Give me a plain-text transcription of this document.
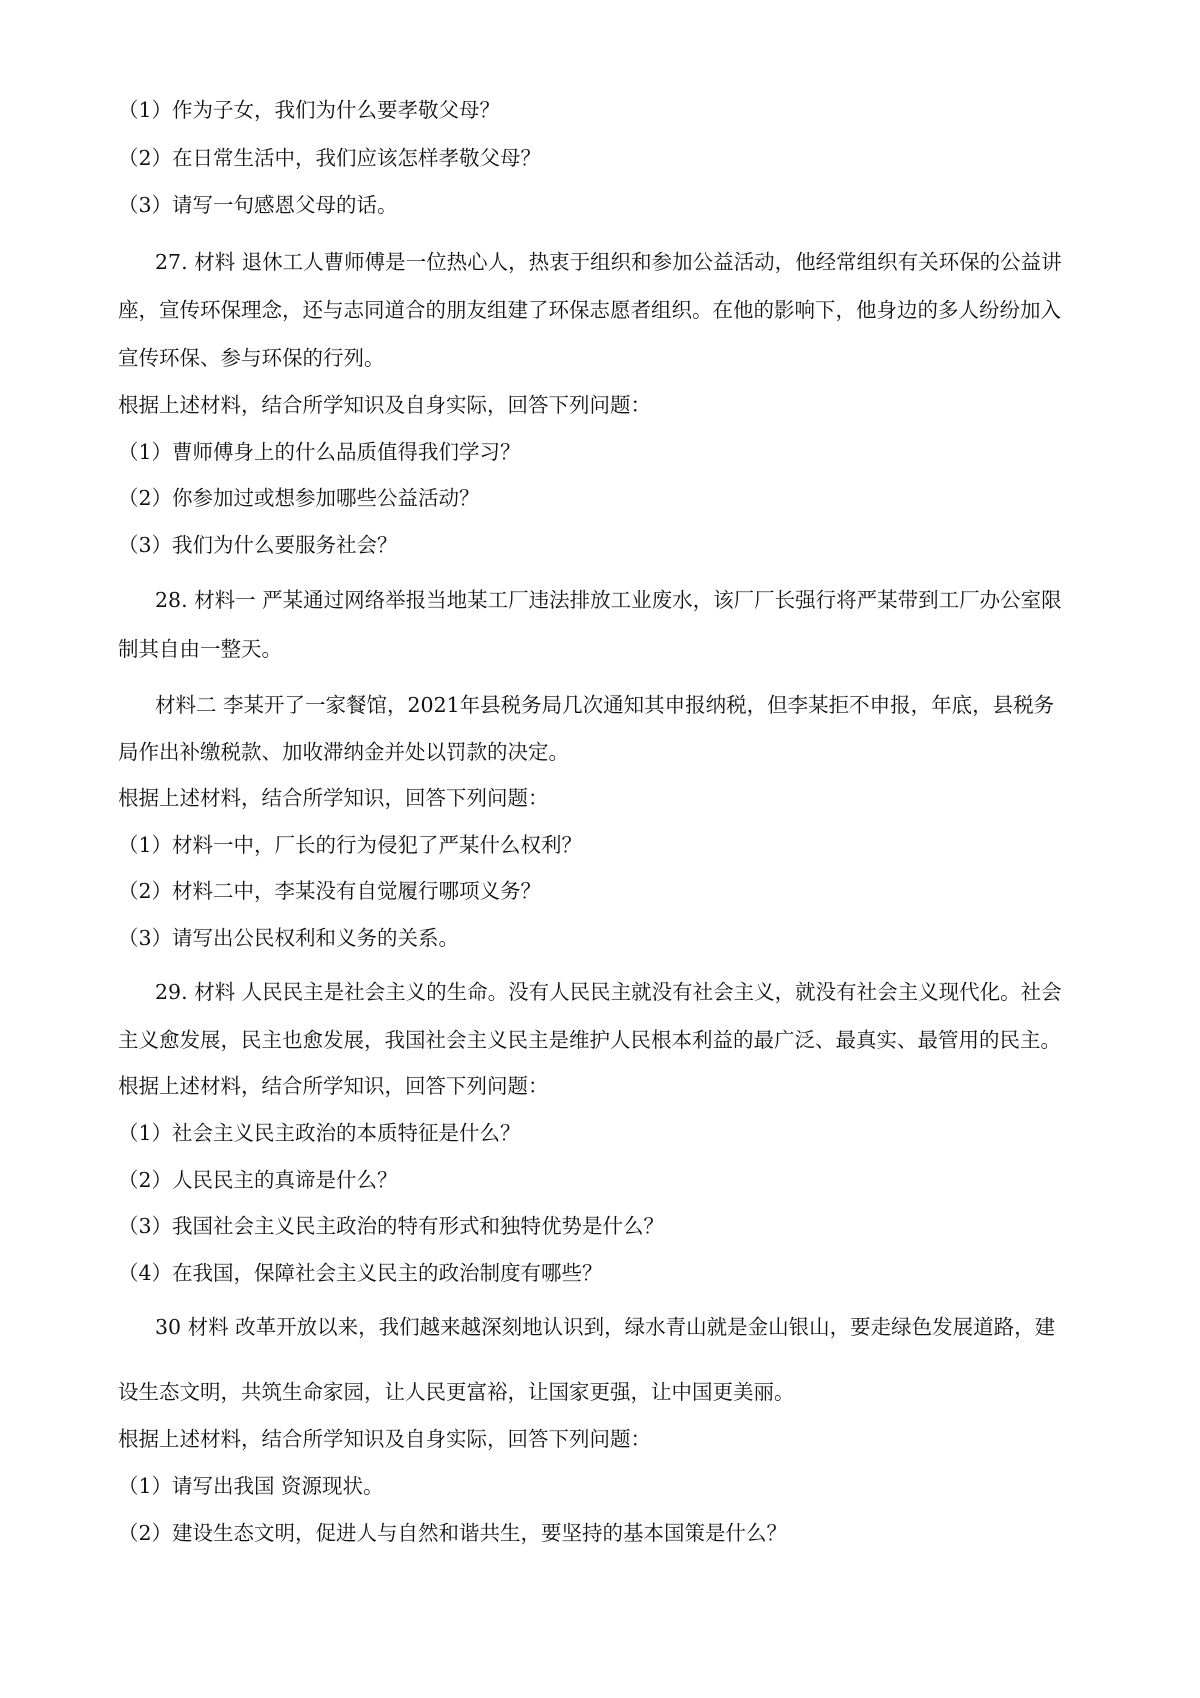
（1）作为子女，我们为什么要孝敬父母？
（2）在日常生活中，我们应该怎样孝敬父母？
（3）请写一句感恩父母的话。
27. 材料 退休工人曹师傅是一位热心人，热衷于组织和参加公益活动，他经常组织有关环保的公益讲
座，宣传环保理念，还与志同道合的朋友组建了环保志愿者组织。在他的影响下，他身边的多人纷纷加入
宣传环保、参与环保的行列。
根据上述材料，结合所学知识及自身实际，回答下列问题：
（1）曹师傅身上的什么品质值得我们学习？
（2）你参加过或想参加哪些公益活动？
（3）我们为什么要服务社会？
28. 材料一 严某通过网络举报当地某工厂违法排放工业废水，该厂厂长强行将严某带到工厂办公室限
制其自由一整天。
材料二 李某开了一家餐馆，2021年县税务局几次通知其申报纳税，但李某拒不申报，年底，县税务
局作出补缴税款、加收滞纳金并处以罚款的决定。
根据上述材料，结合所学知识，回答下列问题：
（1）材料一中，厂长的行为侵犯了严某什么权利？
（2）材料二中，李某没有自觉履行哪项义务？
（3）请写出公民权利和义务的关系。
29. 材料 人民民主是社会主义的生命。没有人民民主就没有社会主义，就没有社会主义现代化。社会
主义愈发展，民主也愈发展，我国社会主义民主是维护人民根本利益的最广泛、最真实、最管用的民主。
根据上述材料，结合所学知识，回答下列问题：
（1）社会主义民主政治的本质特征是什么？
（2）人民民主的真谛是什么？
（3）我国社会主义民主政治的特有形式和独特优势是什么？
（4）在我国，保障社会主义民主的政治制度有哪些？
30 材料 改革开放以来，我们越来越深刻地认识到，绿水青山就是金山银山，要走绿色发展道路，建
设生态文明，共筑生命家园，让人民更富裕，让国家更强，让中国更美丽。
根据上述材料，结合所学知识及自身实际，回答下列问题：
（1）请写出我国 资源现状。
（2）建设生态文明，促进人与自然和谐共生，要坚持的基本国策是什么？
